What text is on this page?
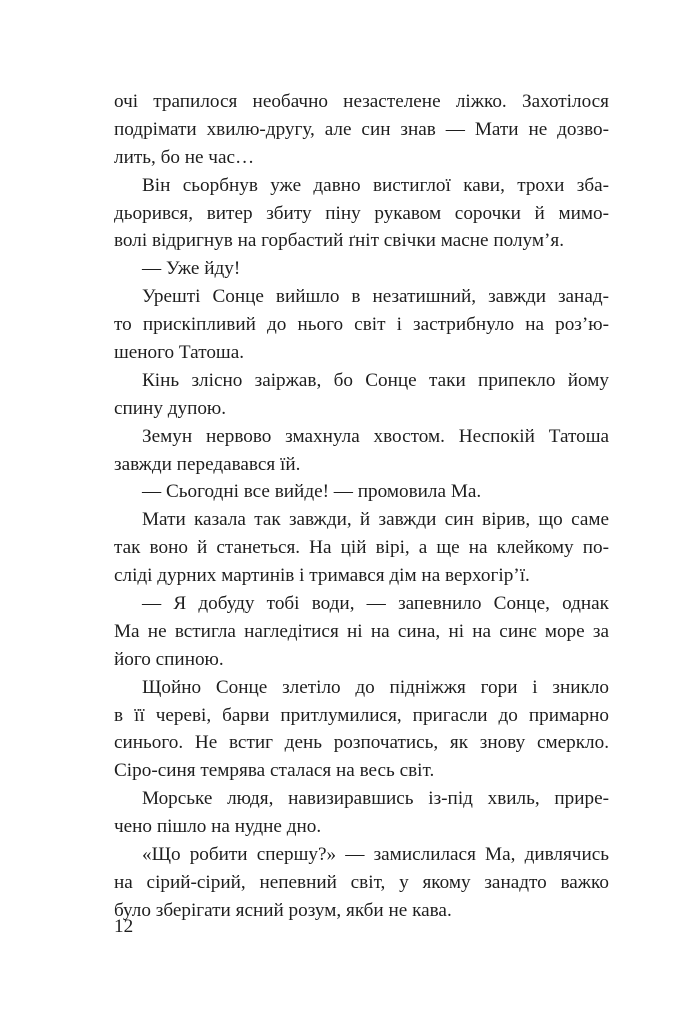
очі трапилося необачно незастелене ліжко. Захотілося
подрімати хвилю-другу, але син знав — Мати не дозво-
лить, бо не час…
Він сьорбнув уже давно вистиглої кави, трохи зба-
дьорився, витер збиту піну рукавом сорочки й мимо-
волі відригнув на горбастий ґніт свічки масне полум’я.
— Уже йду!
Урешті Сонце вийшло в незатишний, завжди занад-
то прискіпливий до нього світ і застрибнуло на роз’ю-
шеного Татоша.
Кінь злісно заіржав, бо Сонце таки припекло йому
спину дупою.
Земун нервово змахнула хвостом. Неспокій Татоша
завжди передавався їй.
— Сьогодні все вийде! — промовила Ма.
Мати казала так завжди, й завжди син вірив, що саме
так воно й станеться. На цій вірі, а ще на клейкому по-
сліді дурних мартинів і тримався дім на верхогір’ї.
— Я добуду тобі води, — запевнило Сонце, однак
Ма не встигла нагледітися ні на сина, ні на синє море за
його спиною.
Щойно Сонце злетіло до підніжжя гори і зникло
в її череві, барви притлумилися, пригасли до примарно
синього. Не встиг день розпочатись, як знову смеркло.
Сіро-синя темрява сталася на весь світ.
Морське людя, навизиравшись із-під хвиль, прире-
чено пішло на нудне дно.
«Що робити спершу?» — замислилася Ма, дивлячись
на сірий-сірий, непевний світ, у якому занадто важко
було зберігати ясний розум, якби не кава.
12
